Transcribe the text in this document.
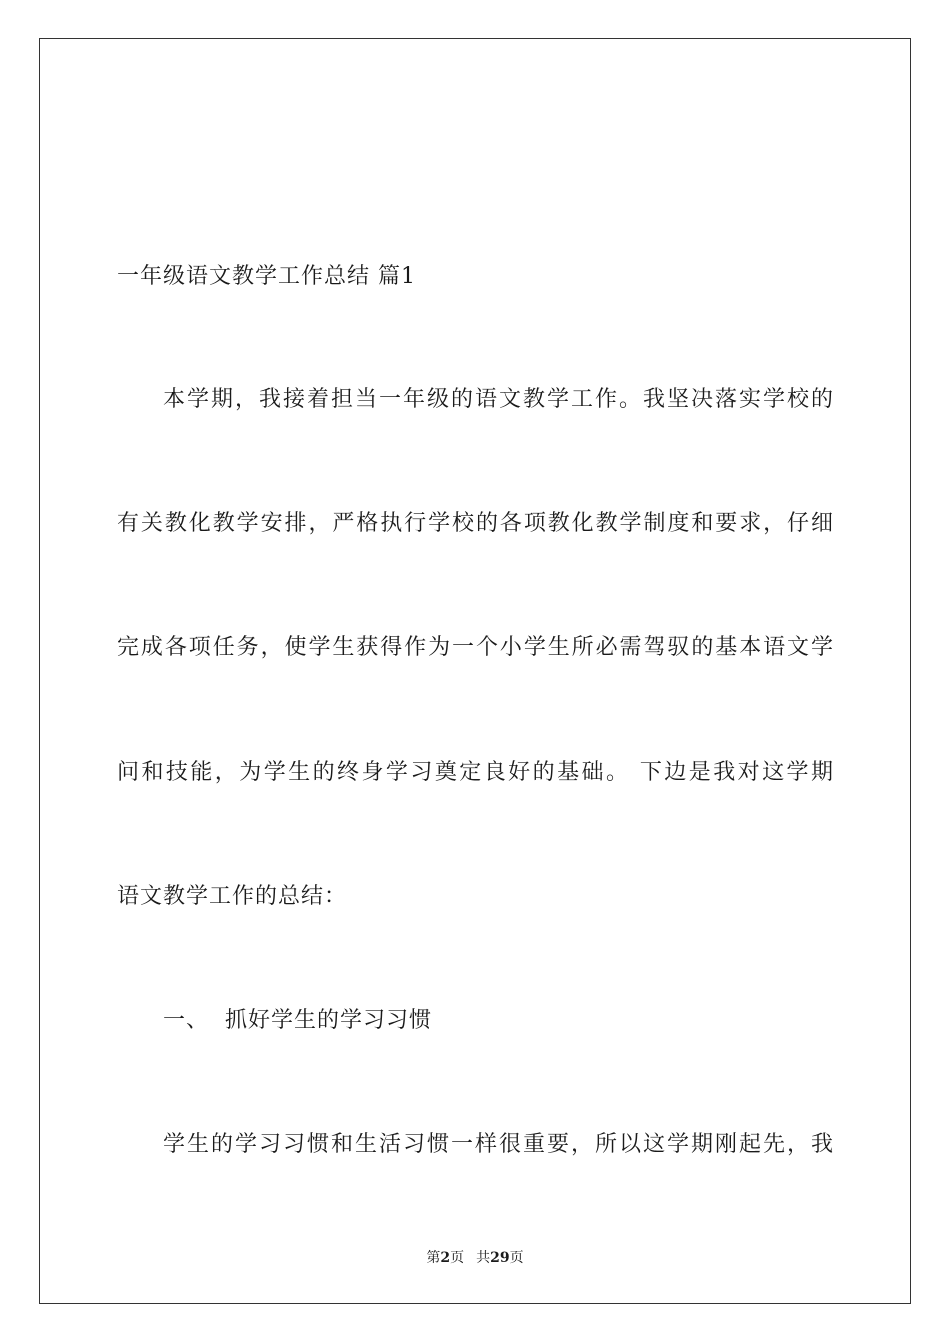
一年级语文教学工作总结 篇1
本学期，我接着担当一年级的语文教学工作。我坚决落实学校的
有关教化教学安排，严格执行学校的各项教化教学制度和要求，仔细
完成各项任务，使学生获得作为一个小学生所必需驾驭的基本语文学
问和技能，为学生的终身学习奠定良好的基础。 下边是我对这学期
语文教学工作的总结：
一、  抓好学生的学习习惯
学生的学习习惯和生活习惯一样很重要，所以这学期刚起先，我
第2页 共29页
